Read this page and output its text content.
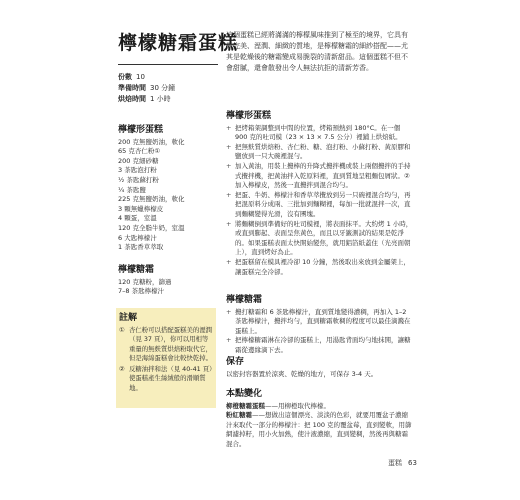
檸檬糖霜蛋糕
份數 10
準備時間 30 分鐘
烘焙時間 1 小時
這個蛋糕已經將滿滿的檸檬風味推到了極至的境界，它具有最完美、溼潤、細緻的質地，是檸檬糖霜的細紗搭配——尤其是乾燥後的糖霜變成易脆裂的清新甜品。這個蛋糕不但不會甜膩，還會散發出令人無法抗拒的清新芳香。
檸檬形蛋糕
200 克無鹽奶油，軟化
65 克杏仁粉①
200 克細砂糖
3 茶匙泡打粉
½ 茶匙蘇打粉
¼ 茶匙鹽
225 克無鹽奶油，軟化
3 顆無蠟檸檬皮
4 顆蛋，室溫
120 克全脂牛奶，室溫
6 大匙檸檬汁
1 茶匙香草萃取
檸檬糖霜
120 克糖粉，篩過
7–8 茶匙檸檬汁
註解
① 杏仁粉可以搭配蛋糕美的溼潤（見 37 頁），你可以用相等重量的無麩質烘焙粉取代它，但是海綿蛋糕會比較快乾掉。
② 反糖油拌和法（見 40-41 頁）使蛋糕產生絲絨般的滑順質地。
檸檬形蛋糕
+ 把烤箱架調整到中間的位置，烤箱預熱到 180°C。在一個 900 克的吐司模（23 × 13 × 7.5 公分）裡鋪上烘焙紙。
+ 把無麩質烘焙粉、杏仁粉、糖、泡打粉、小蘇打粉、黃原膠和鹽放到一只大碗裡混勻。
+ 加入黃油，用裝上攪棒的升降式攪拌機或裝上兩個攪拌的手持式攪拌機，把黃油拌入乾原料裡，直到質地呈粗麵包屑狀。②加入檸檬皮，然後一直攪拌到混合均勻。
+ 把蛋、牛奶、檸檬汁和香草萃攪放到另一只碗裡混合均勻，再把混原料分成兩、三批加到麵糊裡，每加一批就混拌一次，直到麵糊變得光滑，沒有團塊。
+ 將麵糊倒到準備好的吐司模裡，將表面抹平。大約烤 1 小時，或直到膨起、表面呈焦黃色，而且以牙籤測試的結果是乾淨的。如果蛋糕表面太快開始變焦，就用鋁箔紙蓋住（光亮面朝上），直到烤好為止。
+ 把蛋糕留在模具裡冷卻 10 分鐘，然後取出來放到金屬架上，讓蛋糕完全冷卻。
檸檬糖霜
+ 攪打糖霜和 6 茶匙檸檬汁，直到質地變得濃稠，再加入 1–2 茶匙檸檬汁，攪拌均勻，直到糖霜軟稠的程度可以最佳滴濺在蛋糕上。
+ 把檸檬糖霜淋在冷卻的蛋糕上，用湯匙背面均勻地抹開，讓糖霜從邊緣滴下去。
保存
以密封容器置於涼爽、乾燥的地方，可保存 3-4 天。
本點變化
柳橙糖霜蛋糕——用柳橙取代檸檬。
粉紅糖霜——想做出這個漂亮、淡淡的色彩，就要用覆盆子濃縮汁來取代一部分的檸檬汁：把 100 克的覆盆莓，直到變軟，用篩網濾掉籽，用小火加熱，使汁液濃縮，直到變稠，然後再與糖霜混合。
蛋糕 63
